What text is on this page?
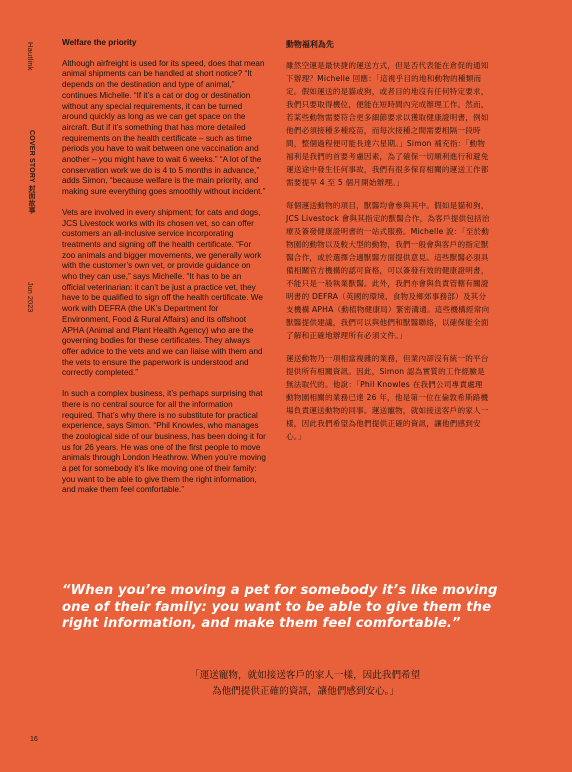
Hautlink
COVER STORY 封面故事
Jun 2023
Welfare the priority

Although airfreight is used for its speed, does that mean animal shipments can be handled at short notice? “It depends on the destination and type of animal,” continues Michelle. “If it’s a cat or dog or destination without any special requirements, it can be turned around quickly as long as we can get space on the aircraft. But if it’s something that has more detailed requirements on the health certificate – such as time periods you have to wait between one vaccination and another – you might have to wait 6 weeks.” “A lot of the conservation work we do is 4 to 5 months in advance,” adds Simon, “because welfare is the main priority, and making sure everything goes smoothly without incident.”

Vets are involved in every shipment; for cats and dogs, JCS Livestock works with its chosen vet, so can offer customers an all-inclusive service incorporating treatments and signing off the health certificate. “For zoo animals and bigger movements, we generally work with the customer’s own vet, or provide guidance on who they can use,” says Michelle. “It has to be an official veterinarian: it can’t be just a practice vet, they have to be qualified to sign off the health certificate. We work with DEFRA (the UK’s Department for Environment, Food & Rural Affairs) and its offshoot APHA (Animal and Plant Health Agency) who are the governing bodies for these certificates. They always offer advice to the vets and we can liaise with them and the vets to ensure the paperwork is understood and correctly completed.”

In such a complex business, it’s perhaps surprising that there is no central source for all the information required. That’s why there is no substitute for practical experience, says Simon. “Phil Knowles, who manages the zoological side of our business, has been doing it for us for 26 years. He was one of the first people to move animals through London Heathrow. When you’re moving a pet for somebody it’s like moving one of their family: you want to be able to give them the right information, and make them feel comfortable.”

動物福利為先

雖然空運是最快捷的運送方式，但是否代表能在倉促的通知下辦理？Michelle 回應：「這視乎目的地和動物的種類而定。假如運送的是貓或狗，或者目的地沒有任何特定要求，我們只要取得機位，便能在短時間內完成辦理工作。然而，若某些動物需要符合更多細節要求以獲取健康證明書，例如他們必須接種多種疫苗，而每次接種之間需要相隔一段時間，整個過程便可能長達六星期。」Simon 補充指：「動物福利是我們的首要考慮因素，為了確保一切順利進行和避免運送途中發生任何事故，我們有很多保育相關的運送工作都需要提早 4 至 5 個月開始辦理。」

每個運送動物的項目，獸醫均會參與其中。假如是貓和狗，JCS Livestock 會與其指定的獸醫合作，為客戶提供包括治療及簽發健康證明書的一站式服務。Michelle 說：「至於動物園的動物以及較大型的動物，我們一般會與客戶的指定獸醫合作，或於選擇合適獸醫方面提供意見。這些獸醫必須具備相關官方機構的認可資格，可以簽發有效的健康證明書，不能只是一般執業獸醫。此外，我們亦會與負責管轄有關證明書的 DEFRA（英國的環境、食物及鄉郊事務部）及其分支機構 APHA（動植物健康局）緊密溝通。這些機構經常向獸醫提供建議，我們可以與他們和獸醫聯絡，以確保能全面了解和正確地辦理所有必須文件。」

運送動物乃一項相當複雜的業務，但業內卻沒有統一的平台提供所有相關資訊。因此，Simon 認為實質的工作經驗是無法取代的。他說：「Phil Knowles 在我們公司專責處理動物園相關的業務已達 26 年，他是第一位在倫敦希斯路機場負責運送動物的同事。運送寵物，就如接送客戶的家人一樣，因此我們希望為他們提供正確的資訊，讓他們感到安心。」

“When you’re moving a pet for somebody it’s like moving one of their family: you want to be able to give them the right information, and make them feel comfortable.”
「運送寵物，就如接送客戶的家人一樣，因此我們希望
為他們提供正確的資訊，讓他們感到安心。」
16
